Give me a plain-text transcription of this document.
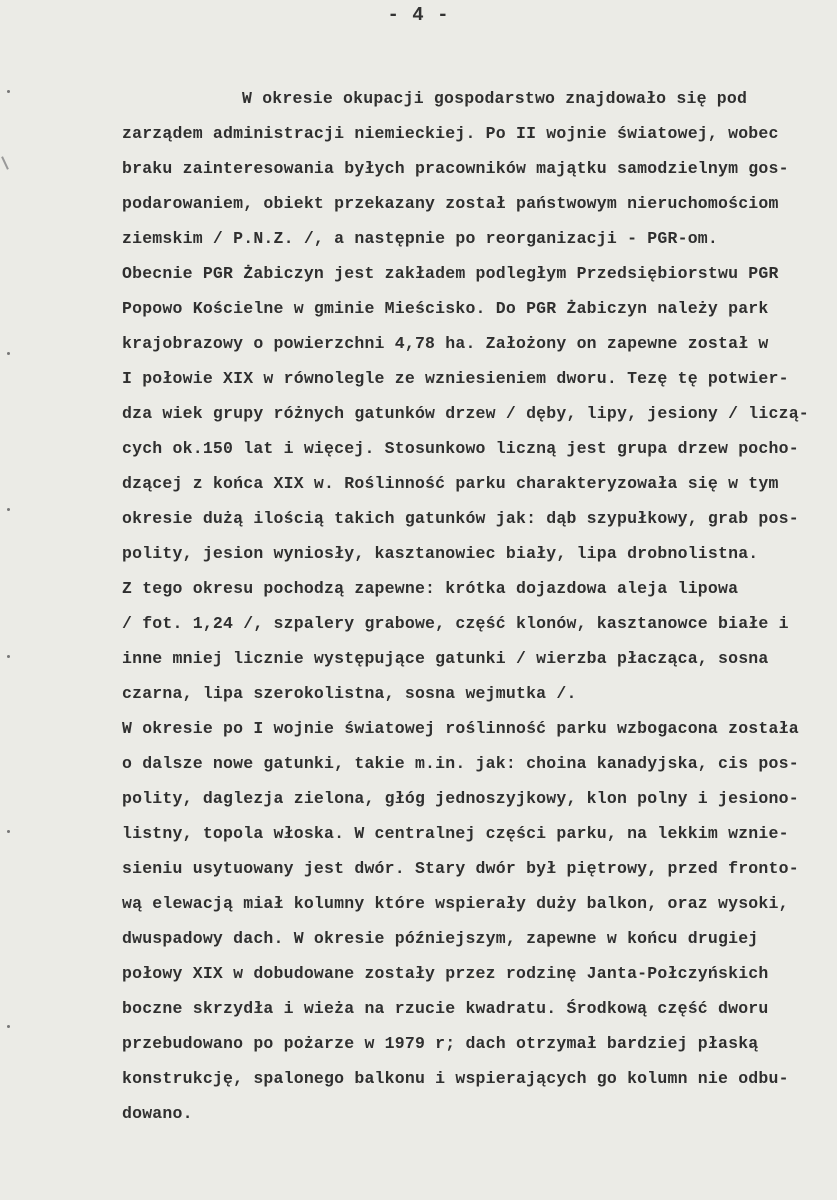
- 4 -
W okresie okupacji gospodarstwo znajdowało się pod
zarządem administracji niemieckiej. Po II wojnie światowej, wobec
braku zainteresowania byłych pracowników majątku samodzielnym gos-
podarowaniem, obiekt przekazany został państwowym nieruchomościom
ziemskim / P.N.Z. /, a następnie po reorganizacji - PGR-om.
Obecnie PGR Żabiczyn jest zakładem podległym Przedsiębiorstwu PGR
Popowo Kościelne w gminie Mieścisko. Do PGR Żabiczyn należy park
krajobrazowy o powierzchni 4,78 ha. Założony on zapewne został w
I połowie XIX w równolegle ze wzniesieniem dworu. Tezę tę potwier-
dza wiek grupy różnych gatunków drzew / dęby, lipy, jesiony / liczą-
cych ok.150 lat i więcej. Stosunkowo liczną jest grupa drzew pocho-
dzącej z końca XIX w. Roślinność parku charakteryzowała się w tym
okresie dużą ilością takich gatunków jak: dąb szypułkowy, grab pos-
polity, jesion wyniosły, kasztanowiec biały, lipa drobnolistna.
Z tego okresu pochodzą zapewne: krótka dojazdowa aleja lipowa
/ fot. 1,24 /, szpalery grabowe, część klonów, kasztanowce białe i
inne mniej licznie występujące gatunki / wierzba płacząca, sosna
czarna, lipa szerokolistna, sosna wejmutka /.
W okresie po I wojnie światowej roślinność parku wzbogacona została
o dalsze nowe gatunki, takie m.in. jak: choina kanadyjska, cis pos-
polity, daglezja zielona, głóg jednoszyjkowy, klon polny i jesiono-
listny, topola włoska. W centralnej części parku, na lekkim wznie-
sieniu usytuowany jest dwór. Stary dwór był piętrowy, przed fronto-
wą elewacją miał kolumny które wspierały duży balkon, oraz wysoki,
dwuspadowy dach. W okresie późniejszym, zapewne w końcu drugiej
połowy XIX w dobudowane zostały przez rodzinę Janta-Połczyńskich
boczne skrzydła i wieża na rzucie kwadratu. Środkową część dworu
przebudowano po pożarze w 1979 r; dach otrzymał bardziej płaską
konstrukcję, spalonego balkonu i wspierających go kolumn nie odbu-
dowano.
